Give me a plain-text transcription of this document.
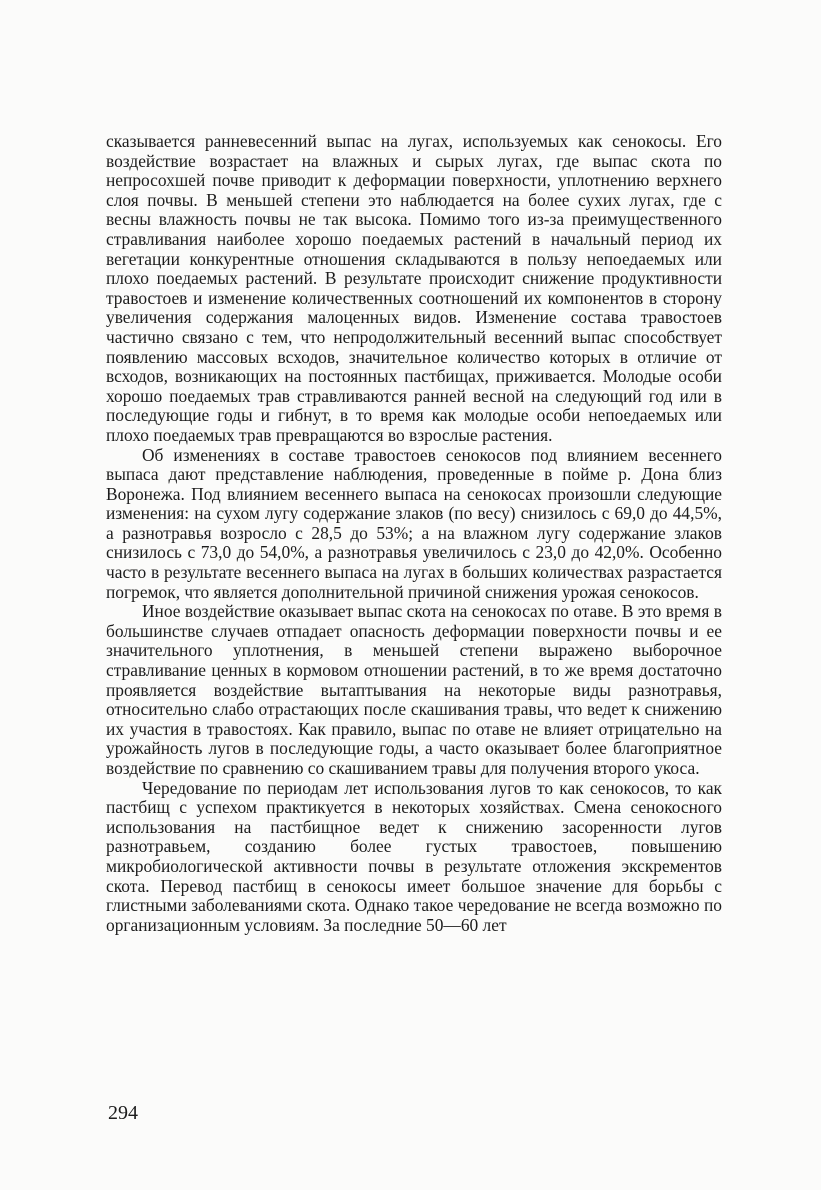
сказывается ранневесенний выпас на лугах, используемых как сенокосы. Его воздействие возрастает на влажных и сырых лугах, где выпас скота по непросохшей почве приводит к деформации поверхности, уплотнению верхнего слоя почвы. В меньшей степени это наблюдается на более сухих лугах, где с весны влажность почвы не так высока. Помимо того из-за преимущественного стравливания наиболее хорошо поедаемых растений в начальный период их вегетации конкурентные отношения складываются в пользу непоедаемых или плохо поедаемых растений. В результате происходит снижение продуктивности травостоев и изменение количественных соотношений их компонентов в сторону увеличения содержания малоценных видов. Изменение состава травостоев частично связано с тем, что непродолжительный весенний выпас способствует появлению массовых всходов, значительное количество которых в отличие от всходов, возникающих на постоянных пастбищах, приживается. Молодые особи хорошо поедаемых трав стравливаются ранней весной на следующий год или в последующие годы и гибнут, в то время как молодые особи непоедаемых или плохо поедаемых трав превращаются во взрослые растения.

Об изменениях в составе травостоев сенокосов под влиянием весеннего выпаса дают представление наблюдения, проведенные в пойме р. Дона близ Воронежа. Под влиянием весеннего выпаса на сенокосах произошли следующие изменения: на сухом лугу содержание злаков (по весу) снизилось с 69,0 до 44,5%, а разнотравья возросло с 28,5 до 53%; а на влажном лугу содержание злаков снизилось с 73,0 до 54,0%, а разнотравья увеличилось с 23,0 до 42,0%. Особенно часто в результате весеннего выпаса на лугах в больших количествах разрастается погремок, что является дополнительной причиной снижения урожая сенокосов.

Иное воздействие оказывает выпас скота на сенокосах по отаве. В это время в большинстве случаев отпадает опасность деформации поверхности почвы и ее значительного уплотнения, в меньшей степени выражено выборочное стравливание ценных в кормовом отношении растений, в то же время достаточно проявляется воздействие вытаптывания на некоторые виды разнотравья, относительно слабо отрастающих после скашивания травы, что ведет к снижению их участия в травостоях. Как правило, выпас по отаве не влияет отрицательно на урожайность лугов в последующие годы, а часто оказывает более благоприятное воздействие по сравнению со скашиванием травы для получения второго укоса.

Чередование по периодам лет использования лугов то как сенокосов, то как пастбищ с успехом практикуется в некоторых хозяйствах. Смена сенокосного использования на пастбищное ведет к снижению засоренности лугов разнотравьем, созданию более густых травостоев, повышению микробиологической активности почвы в результате отложения экскрементов скота. Перевод пастбищ в сенокосы имеет большое значение для борьбы с глистными заболеваниями скота. Однако такое чередование не всегда возможно по организационным условиям. За последние 50—60 лет

294
